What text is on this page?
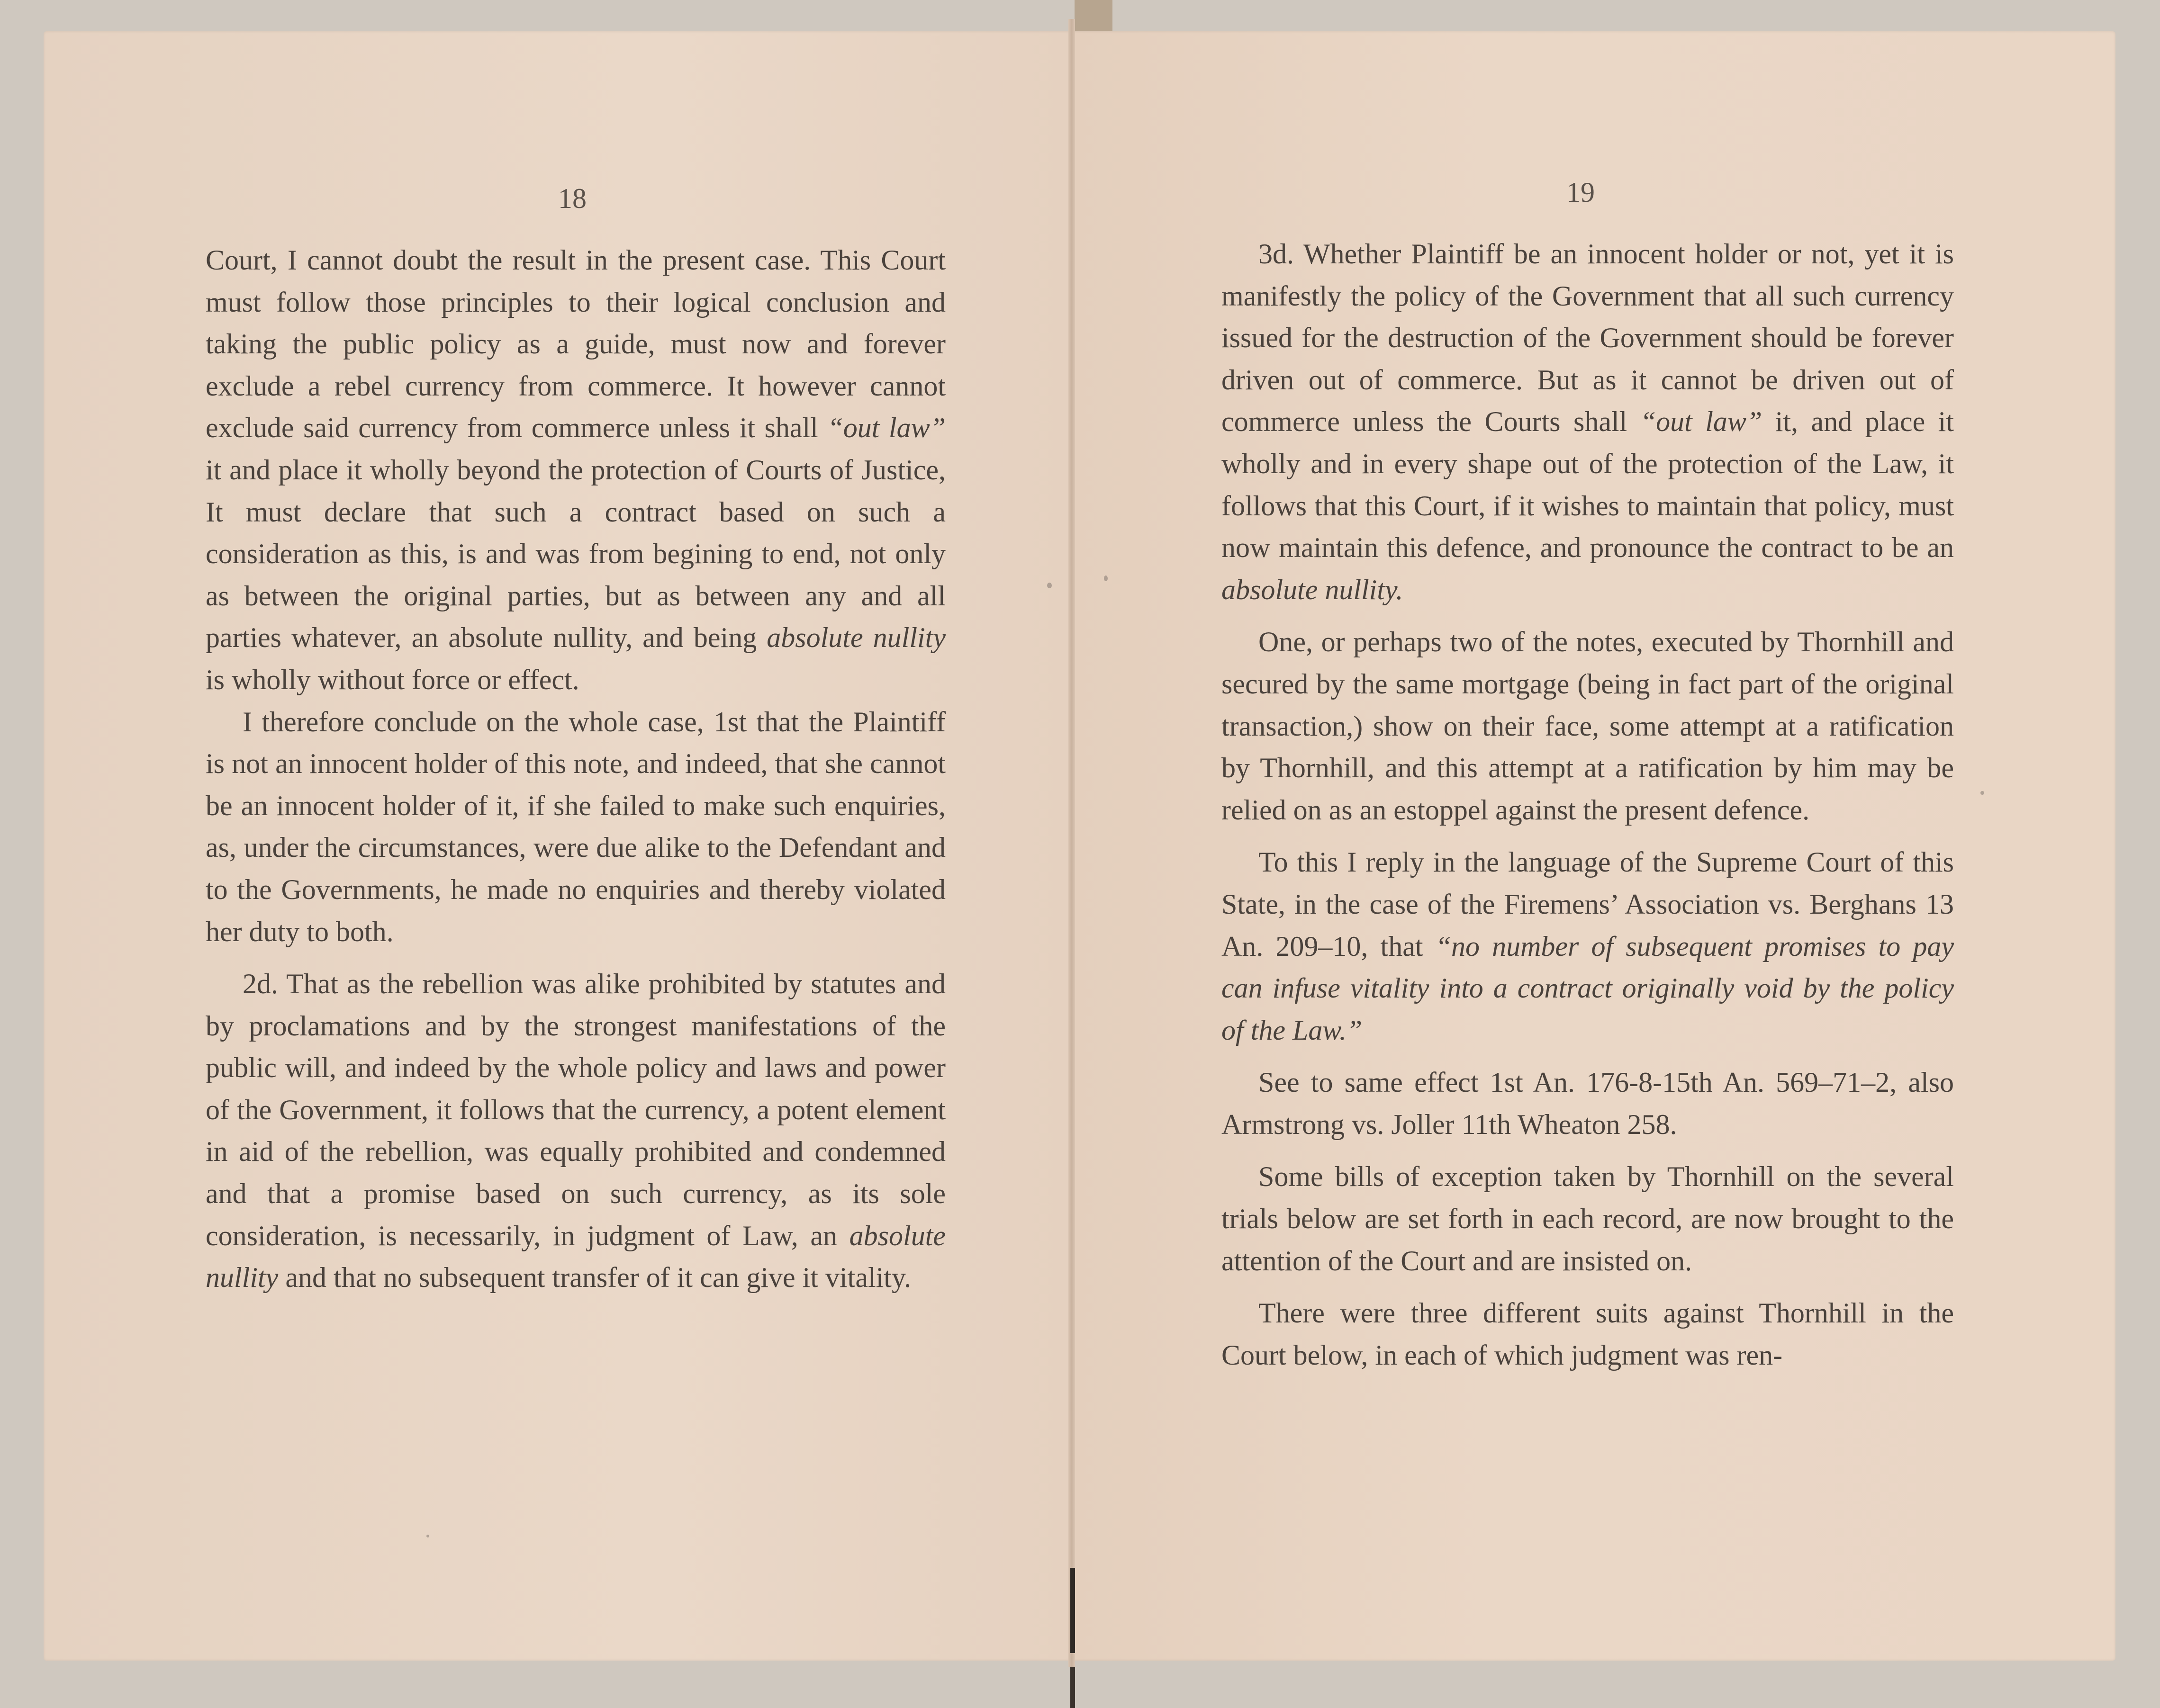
18	19

Court, I cannot doubt the result in the present case. This Court must follow those principles to their logical conclusion and taking the public policy as a guide, must now and forever exclude a rebel currency from commerce. It however cannot exclude said currency from commerce unless it shall “out law” it and place it wholly beyond the protection of Courts of Justice, It must declare that such a contract based on such a consideration as this, is and was from begining to end, not only as between the original parties, but as between any and all parties whatever, an absolute nullity, and being absolute nullity is wholly without force or effect.

I therefore conclude on the whole case, 1st that the Plaintiff is not an innocent holder of this note, and indeed, that she cannot be an innocent holder of it, if she failed to make such enquiries, as, under the circumstances, were due alike to the Defendant and to the Governments, he made no enquiries and thereby violated her duty to both.

2d. That as the rebellion was alike prohibited by statutes and by proclamations and by the strongest manifestations of the public will, and indeed by the whole policy and laws and power of the Government, it follows that the currency, a potent element in aid of the rebellion, was equally prohibited and condemned and that a promise based on such currency, as its sole consideration, is necessarily, in judgment of Law, an absolute nullity and that no subsequent transfer of it can give it vitality.

3d. Whether Plaintiff be an innocent holder or not, yet it is manifestly the policy of the Government that all such currency issued for the destruction of the Government should be forever driven out of commerce. But as it cannot be driven out of commerce unless the Courts shall “out law” it, and place it wholly and in every shape out of the protection of the Law, it follows that this Court, if it wishes to maintain that policy, must now maintain this defence, and pronounce the contract to be an absolute nullity.

One, or perhaps two of the notes, executed by Thornhill and secured by the same mortgage (being in fact part of the original transaction,) show on their face, some attempt at a ratification by Thornhill, and this attempt at a ratification by him may be relied on as an estoppel against the present defence.

To this I reply in the language of the Supreme Court of this State, in the case of the Firemens’ Association vs. Berghans 13 An. 209–10, that “no number of subsequent promises to pay can infuse vitality into a contract originally void by the policy of the Law.”

See to same effect 1st An. 176-8-15th An. 569–71–2, also Armstrong vs. Joller 11th Wheaton 258.

Some bills of exception taken by Thornhill on the several trials below are set forth in each record, are now brought to the attention of the Court and are insisted on.

There were three different suits against Thornhill in the Court below, in each of which judgment was ren-
